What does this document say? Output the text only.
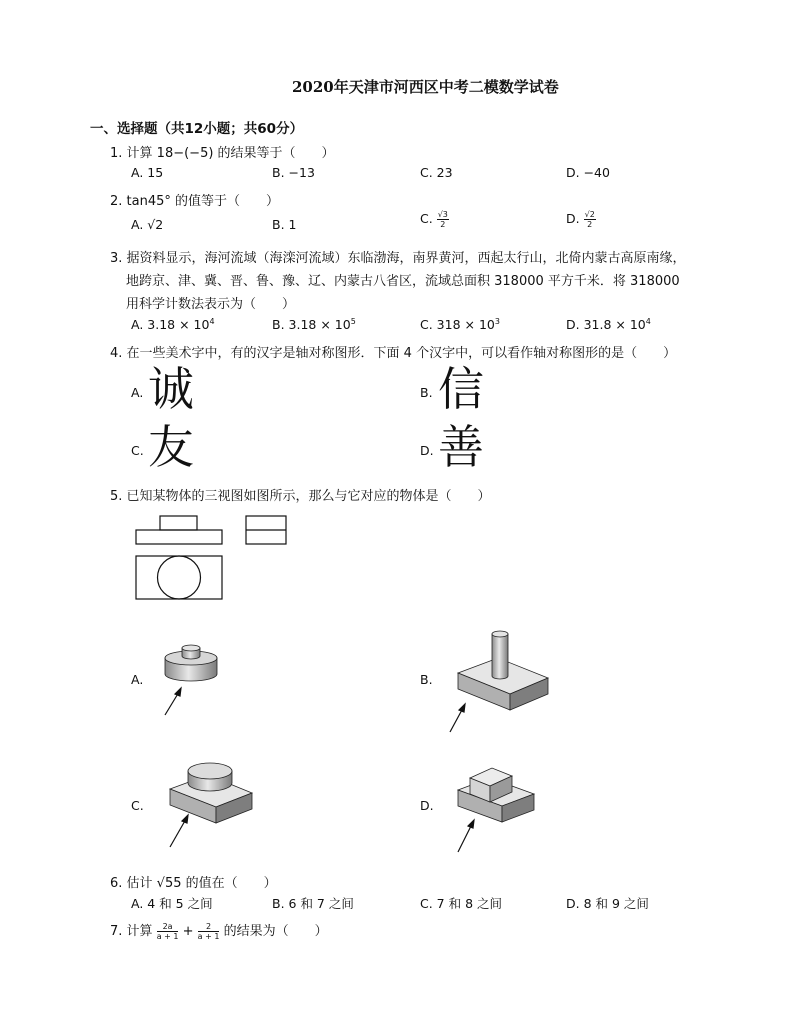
2020年天津市河西区中考二模数学试卷
一、选择题（共12小题；共60分）
1. 计算 18−(−5) 的结果等于（　　）
A. 15	B. −13	C. 23	D. −40
2. tan45° 的值等于（　　）
A. √2	B. 1	C. $\frac{√3}{2}$	D. $\frac{√2}{2}$
3. 据资料显示，海河流域（海滦河流域）东临渤海，南界黄河，西起太行山，北倚内蒙古高原南缘，
地跨京、津、冀、晋、鲁、豫、辽、内蒙古八省区，流域总面积 318000 平方千米．将 318000
用科学计数法表示为（　　）
A. $3.18 \times 10^4$	B. $3.18 \times 10^5$	C. $318 \times 10^3$	D. $31.8 \times 10^4$
4. 在一些美术字中，有的汉字是轴对称图形．下面 4 个汉字中，可以看作轴对称图形的是（　　）
A. 诚	B. 信
C. 友	D. 善
5. 已知某物体的三视图如图所示，那么与它对应的物体是（　　）
A.	B.
C.	D.
6. 估计 √55 的值在（　　）
A. 4 和 5 之间	B. 6 和 7 之间	C. 7 和 8 之间	D. 8 和 9 之间
7. 计算 $\frac{2a}{a + 1} + \frac{2}{a + 1}$ 的结果为（　　）
